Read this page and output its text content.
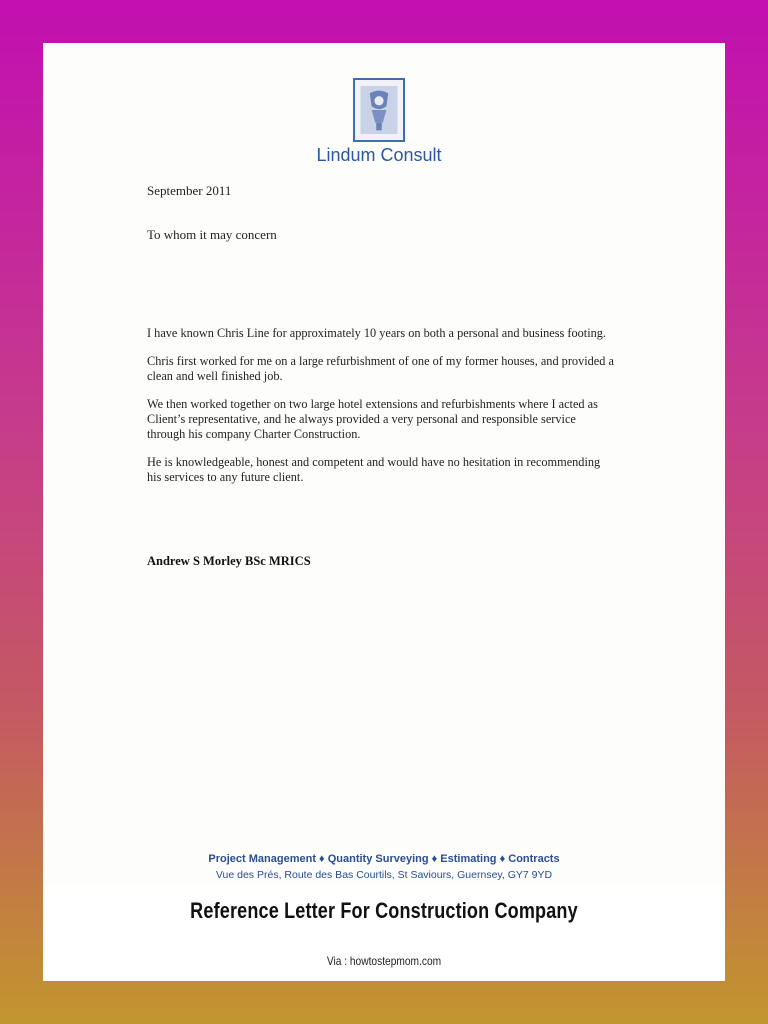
Lindum Consult
September 2011
To whom it may concern

I have known Chris Line for approximately 10 years on both a personal and business footing.

Chris first worked for me on a large refurbishment of one of my former houses, and provided a clean and well finished job.

We then worked together on two large hotel extensions and refurbishments where I acted as Client’s representative, and he always provided a very personal and responsible service through his company Charter Construction.

He is knowledgeable, honest and competent and would have no hesitation in recommending his services to any future client.

Andrew S Morley BSc MRICS
Project Management ♦ Quantity Surveying ♦ Estimating ♦ Contracts
Vue des Prés, Route des Bas Courtils, St Saviours, Guernsey, GY7 9YD
Reference Letter For Construction Company
Via : howtostepmom.com
